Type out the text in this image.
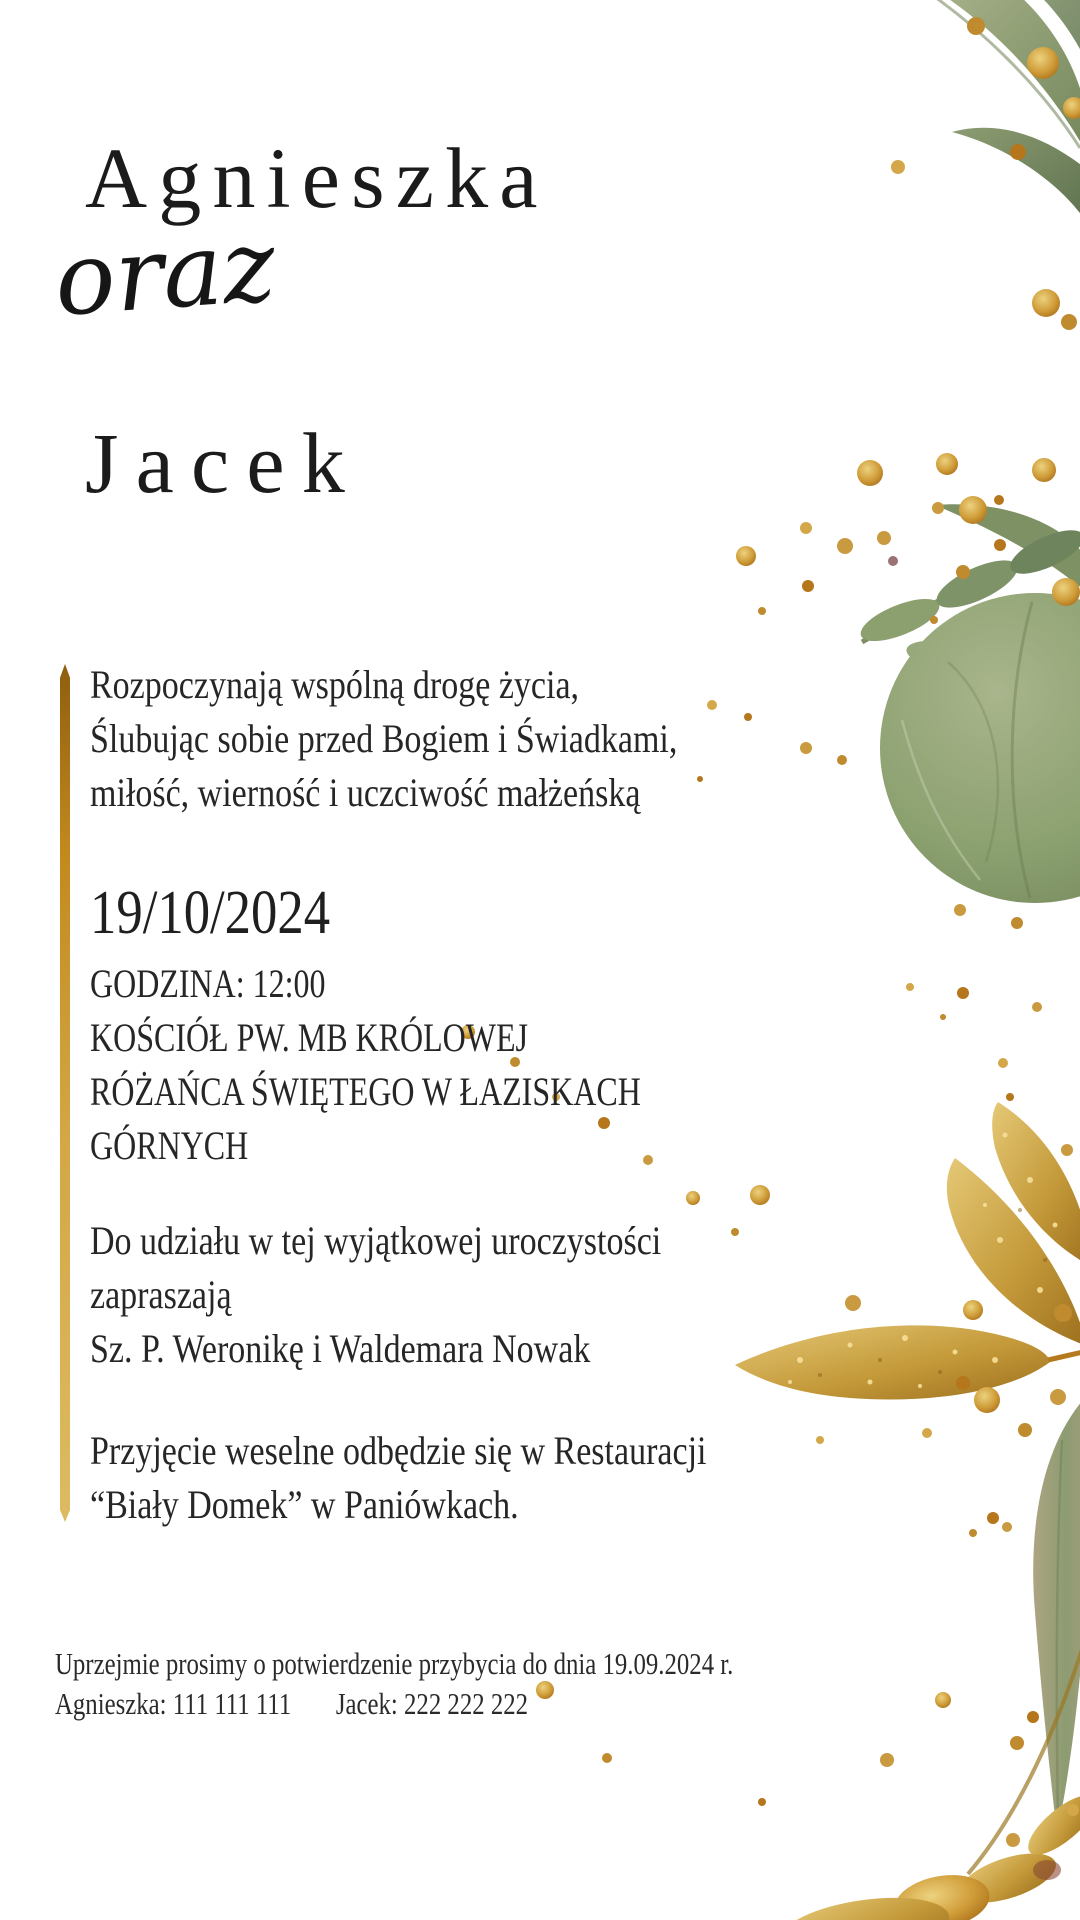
Agnieszka
oraz
Jacek
Rozpoczynają wspólną drogę życia,
Ślubując sobie przed Bogiem i Świadkami,
miłość, wierność i uczciwość małżeńską
19/10/2024
GODZINA: 12:00
KOŚCIÓŁ PW. MB KRÓLOWEJ
RÓŻAŃCA ŚWIĘTEGO W ŁAZISKACH
GÓRNYCH
Do udziału w tej wyjątkowej uroczystości
zapraszają
Sz. P. Weronikę i Waldemara Nowak
Przyjęcie weselne odbędzie się w Restauracji
“Biały Domek” w Paniówkach.
Uprzejmie prosimy o potwierdzenie przybycia do dnia 19.09.2024 r.
Agnieszka: 111 111 111 Jacek: 222 222 222
